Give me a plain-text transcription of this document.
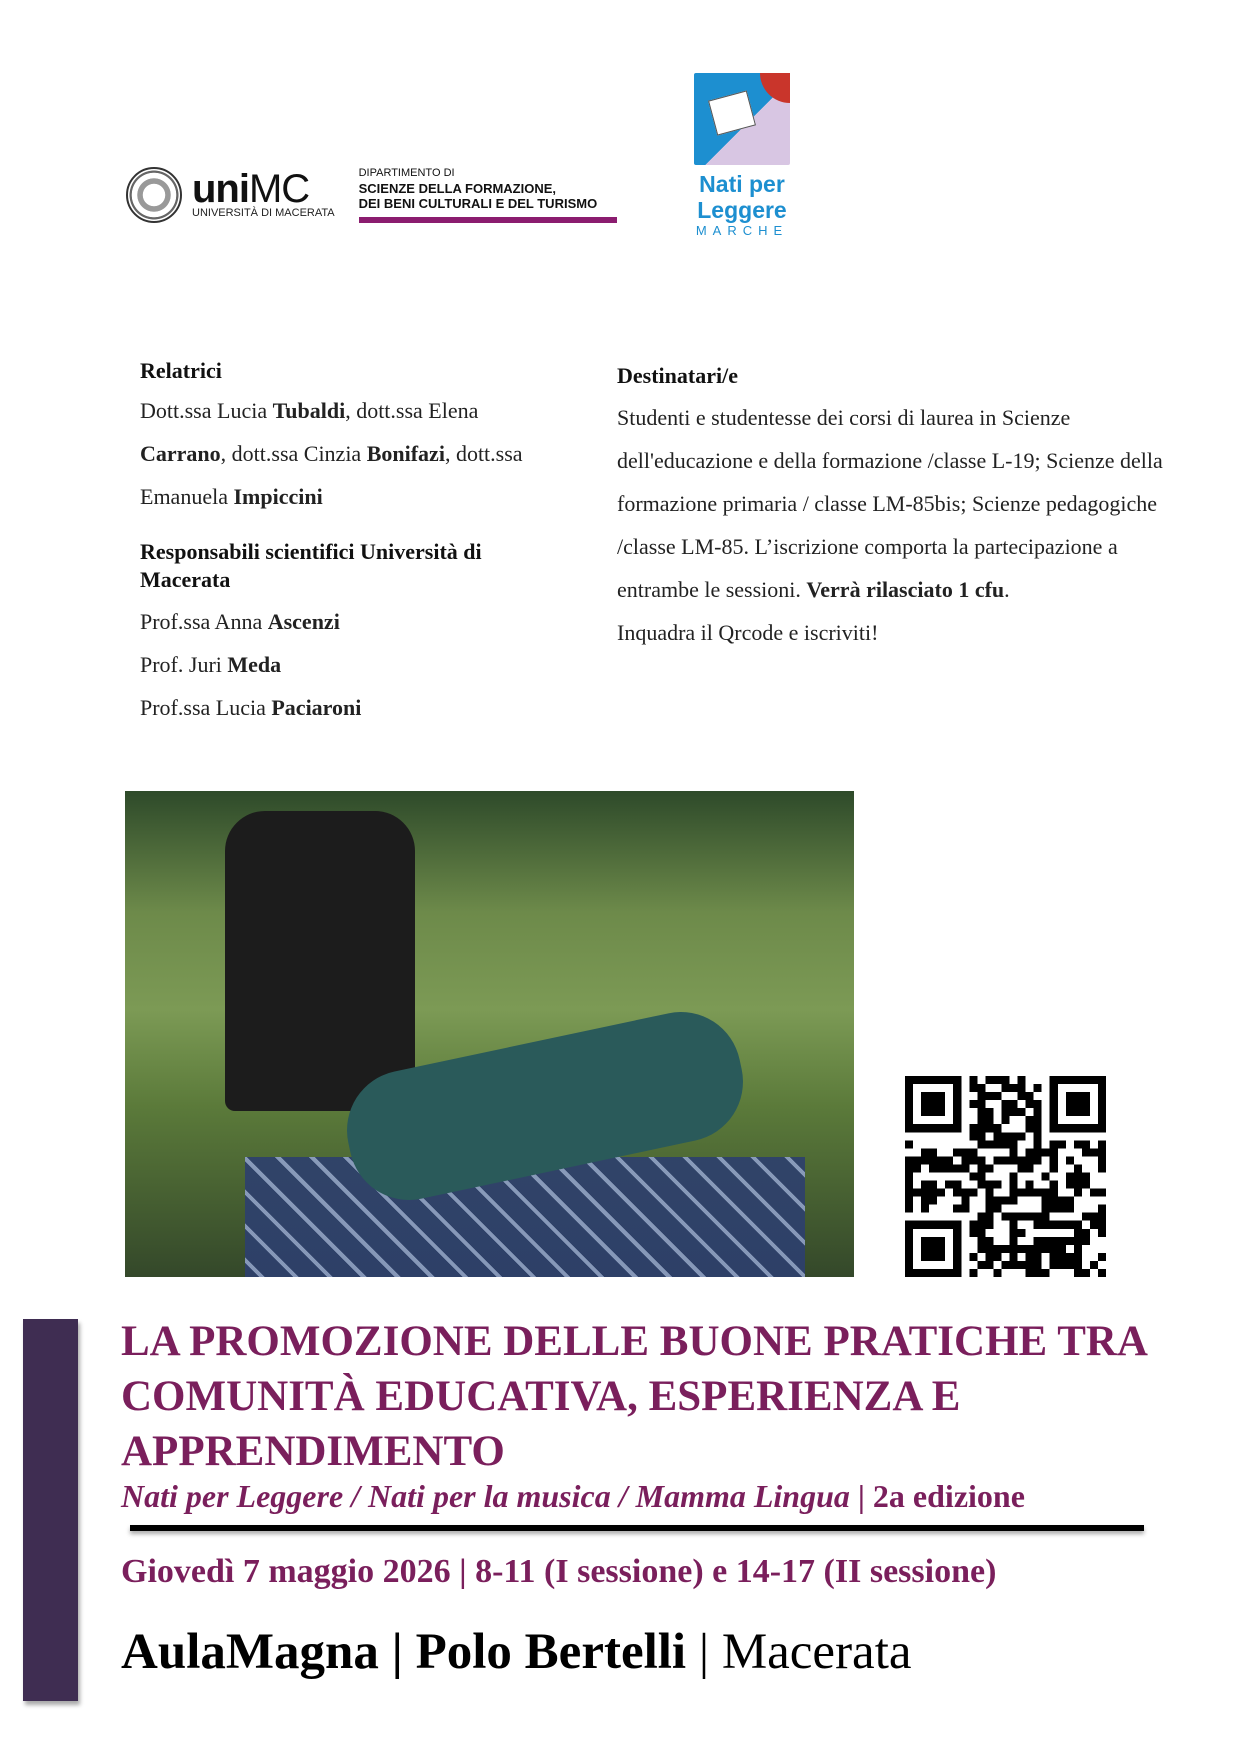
uniMC
UNIVERSITÀ DI MACERATA
DIPARTIMENTO DI
SCIENZE DELLA FORMAZIONE,
DEI BENI CULTURALI E DEL TURISMO
Nati per
Leggere
MARCHE
Relatrici

Dott.ssa Lucia Tubaldi, dott.ssa Elena Carrano, dott.ssa Cinzia Bonifazi, dott.ssa Emanuela Impiccini

Responsabili scientifici Università di Macerata

Prof.ssa Anna Ascenzi
Prof. Juri Meda
Prof.ssa Lucia Paciaroni

Destinatari/e

Studenti e studentesse dei corsi di laurea in Scienze dell'educazione e della formazione /classe L-19; Scienze della formazione primaria / classe LM-85bis; Scienze pedagogiche /classe LM-85. L’iscrizione comporta la partecipazione a entrambe le sessioni. Verrà rilasciato 1 cfu.
Inquadra il Qrcode e iscriviti!

LA PROMOZIONE DELLE BUONE PRATICHE TRA COMUNITÀ EDUCATIVA, ESPERIENZA E APPRENDIMENTO
Nati per Leggere / Nati per la musica / Mamma Lingua | 2a edizione
Giovedì 7 maggio 2026 | 8-11 (I sessione) e 14-17 (II sessione)
AulaMagna | Polo Bertelli | Macerata
